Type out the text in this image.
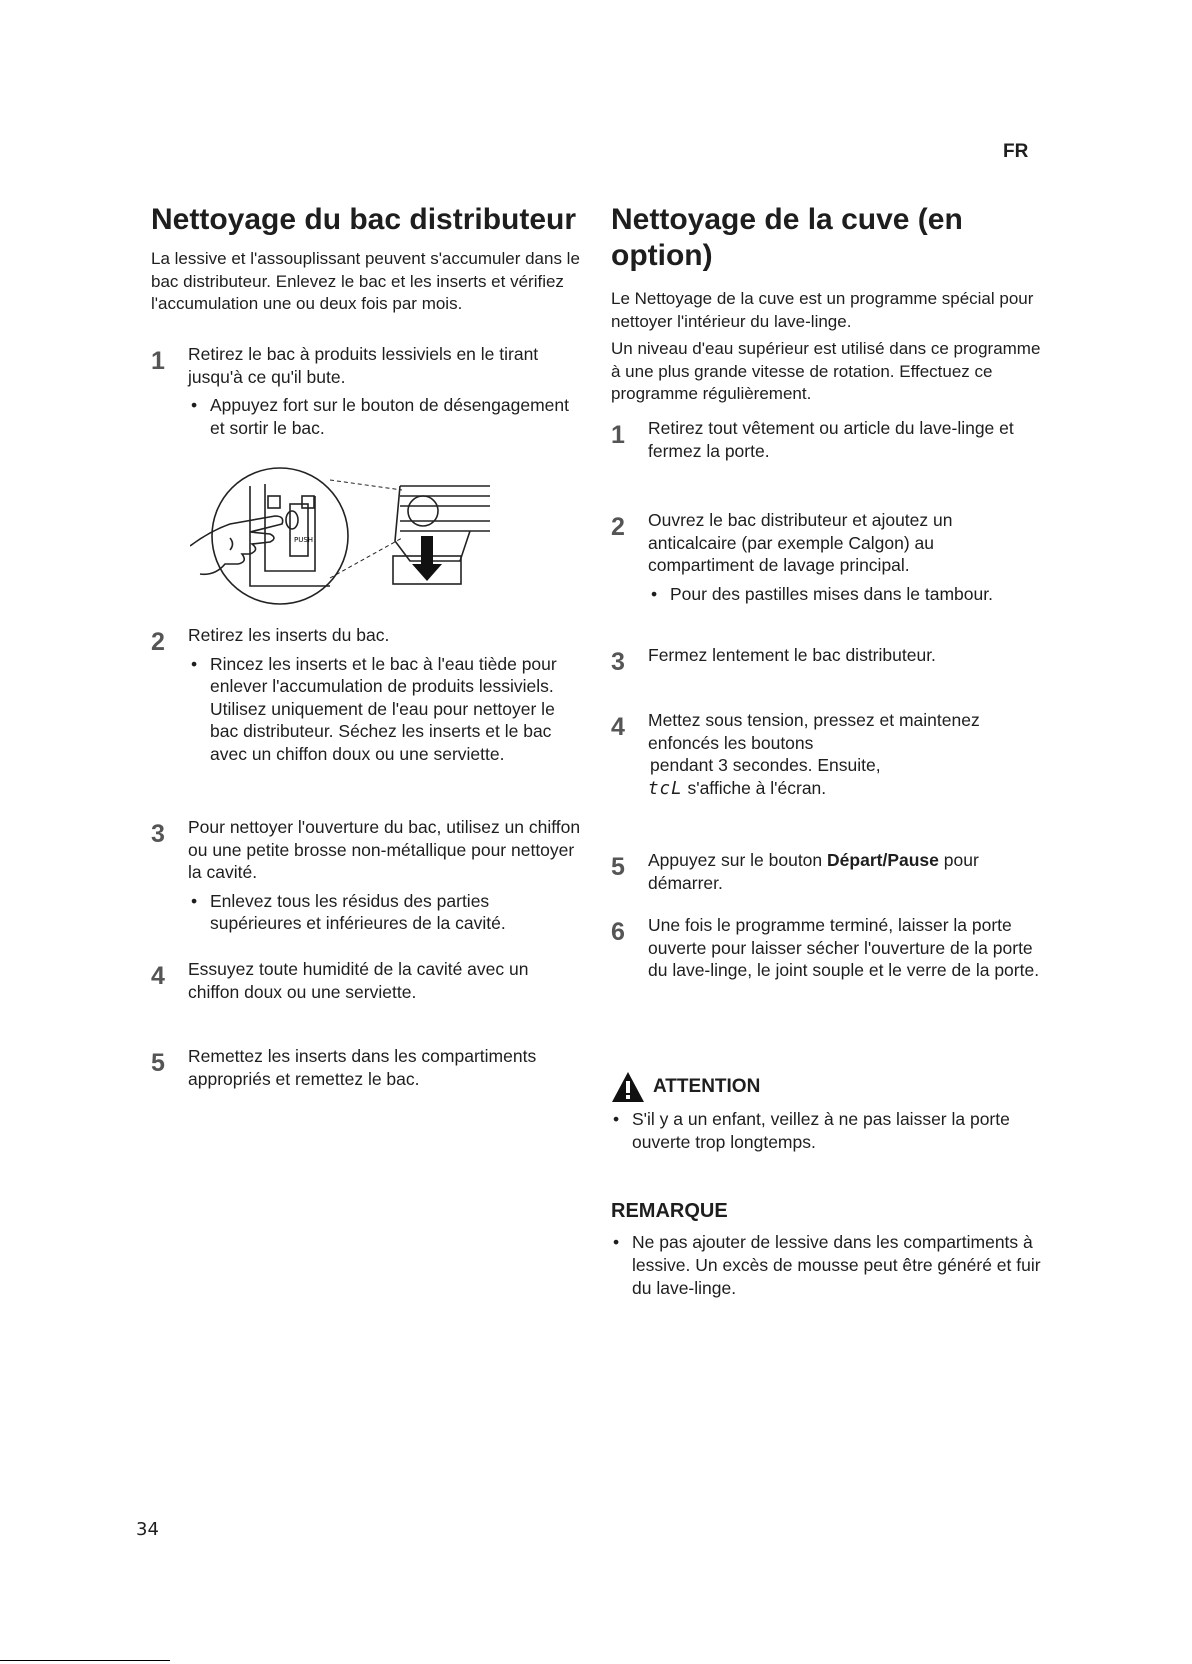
FR
Nettoyage du bac distributeur

La lessive et l'assouplissant peuvent s'accumuler dans le bac distributeur. Enlevez le bac et les inserts et vérifiez l'accumulation une ou deux fois par mois.

1 Retirez le bac à produits lessiviels en le tirant jusqu'à ce qu'il bute.
• Appuyez fort sur le bouton de désengagement et sortir le bac.
PUSH
2 Retirez les inserts du bac.
• Rincez les inserts et le bac à l'eau tiède pour enlever l'accumulation de produits lessiviels. Utilisez uniquement de l'eau pour nettoyer le bac distributeur. Séchez les inserts et le bac avec un chiffon doux ou une serviette.
3 Pour nettoyer l'ouverture du bac, utilisez un chiffon ou une petite brosse non-métallique pour nettoyer la cavité.
• Enlevez tous les résidus des parties supérieures et inférieures de la cavité.
4 Essuyez toute humidité de la cavité avec un chiffon doux ou une serviette.
5 Remettez les inserts dans les compartiments appropriés et remettez le bac.
Nettoyage de la cuve (en option)

Le Nettoyage de la cuve est un programme spécial pour nettoyer l'intérieur du lave-linge.

Un niveau d'eau supérieur est utilisé dans ce programme à une plus grande vitesse de rotation. Effectuez ce programme régulièrement.

1 Retirez tout vêtement ou article du lave-linge et fermez la porte.
2 Ouvrez le bac distributeur et ajoutez un anticalcaire (par exemple Calgon) au compartiment de lavage principal.
• Pour des pastilles mises dans le tambour.
3 Fermez lentement le bac distributeur.
4 Mettez sous tension, pressez et maintenez enfoncés les boutons
pendant 3 secondes. Ensuite,
tcL s'affiche à l'écran.
5 Appuyez sur le bouton Départ/Pause pour démarrer.
6 Une fois le programme terminé, laisser la porte ouverte pour laisser sécher l'ouverture de la porte du lave-linge, le joint souple et le verre de la porte.
ATTENTION
• S'il y a un enfant, veillez à ne pas laisser la porte ouverte trop longtemps.
REMARQUE
• Ne pas ajouter de lessive dans les compartiments à lessive. Un excès de mousse peut être généré et fuir du lave-linge.
34
